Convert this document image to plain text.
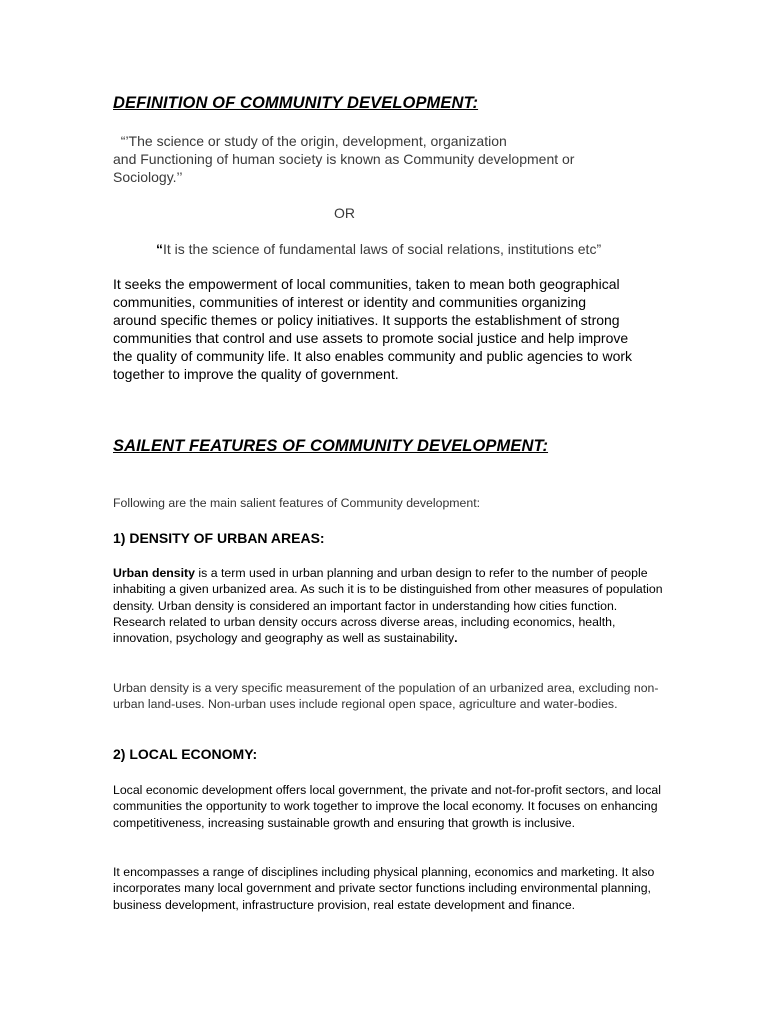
DEFINITION OF COMMUNITY DEVELOPMENT:
“’The science or study of the origin, development, organization
and Functioning of human society is known as Community development or
Sociology.’’
OR
“It is the science of fundamental laws of social relations, institutions etc”

It seeks the empowerment of local communities, taken to mean both geographical communities, communities of interest or identity and communities organizing around specific themes or policy initiatives. It supports the establishment of strong communities that control and use assets to promote social justice and help improve the quality of community life. It also enables community and public agencies to work together to improve the quality of government.

SAILENT FEATURES OF COMMUNITY DEVELOPMENT:
Following are the main salient features of Community development:
1) DENSITY OF URBAN AREAS:

Urban density is a term used in urban planning and urban design to refer to the number of people inhabiting a given urbanized area. As such it is to be distinguished from other measures of population density. Urban density is considered an important factor in understanding how cities function. Research related to urban density occurs across diverse areas, including economics, health, innovation, psychology and geography as well as sustainability.

Urban density is a very specific measurement of the population of an urbanized area, excluding non-urban land-uses. Non-urban uses include regional open space, agriculture and water-bodies.

2) LOCAL ECONOMY:

Local economic development offers local government, the private and not-for-profit sectors, and local communities the opportunity to work together to improve the local economy. It focuses on enhancing competitiveness, increasing sustainable growth and ensuring that growth is inclusive.

It encompasses a range of disciplines including physical planning, economics and marketing. It also incorporates many local government and private sector functions including environmental planning, business development, infrastructure provision, real estate development and finance.
